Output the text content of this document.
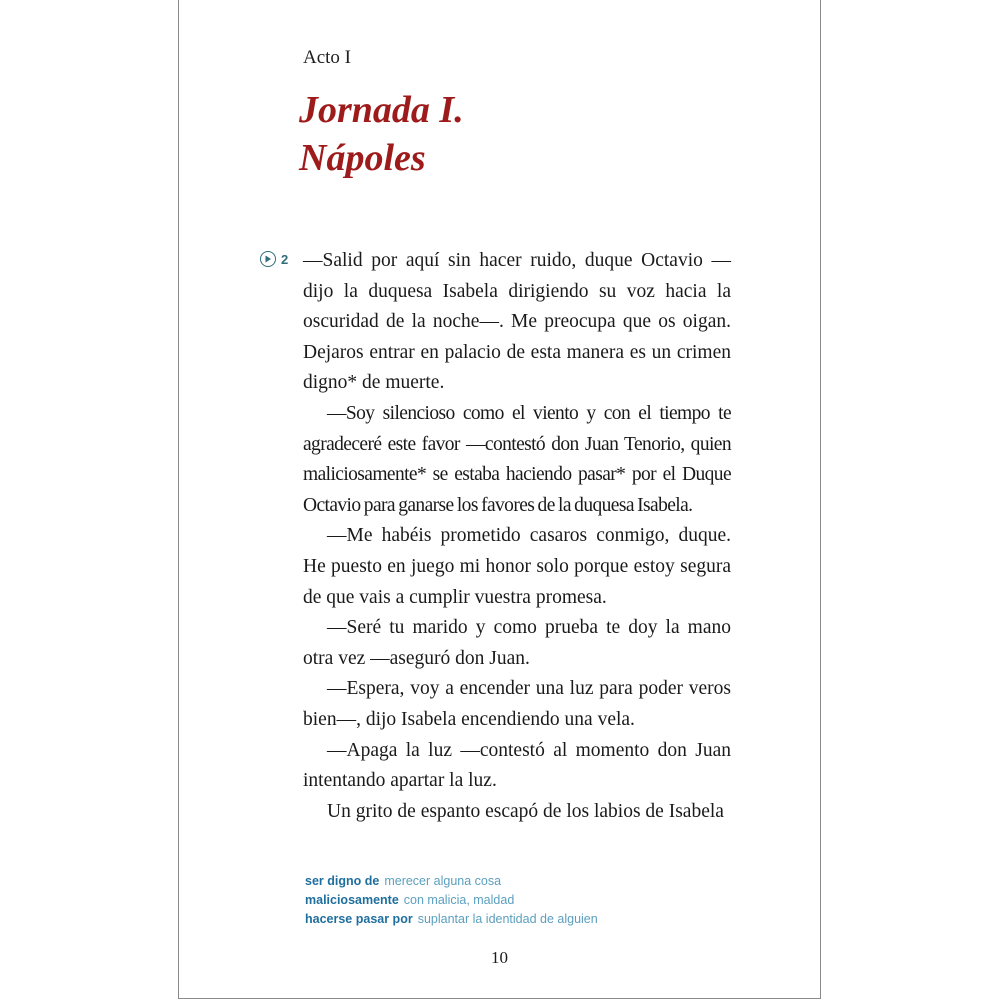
Acto I
Jornada I.
Nápoles
2 —Salid por aquí sin hacer ruido, duque Octavio —dijo la duquesa Isabela dirigiendo su voz hacia la oscuridad de la noche—. Me preocupa que os oigan. Dejaros entrar en palacio de esta manera es un crimen digno* de muerte.

—Soy silencioso como el viento y con el tiempo te agradeceré este favor —contestó don Juan Tenorio, quien maliciosamente* se estaba haciendo pasar* por el Duque Octavio para ganarse los favores de la duquesa Isabela.

—Me habéis prometido casaros conmigo, duque. He puesto en juego mi honor solo porque estoy segura de que vais a cumplir vuestra promesa.

—Seré tu marido y como prueba te doy la mano otra vez —aseguró don Juan.

—Espera, voy a encender una luz para poder veros bien—, dijo Isabela encendiendo una vela.

—Apaga la luz —contestó al momento don Juan intentando apartar la luz.

Un grito de espanto escapó de los labios de Isabela

ser digno de merecer alguna cosa
maliciosamente con malicia, maldad
hacerse pasar por suplantar la identidad de alguien
10
